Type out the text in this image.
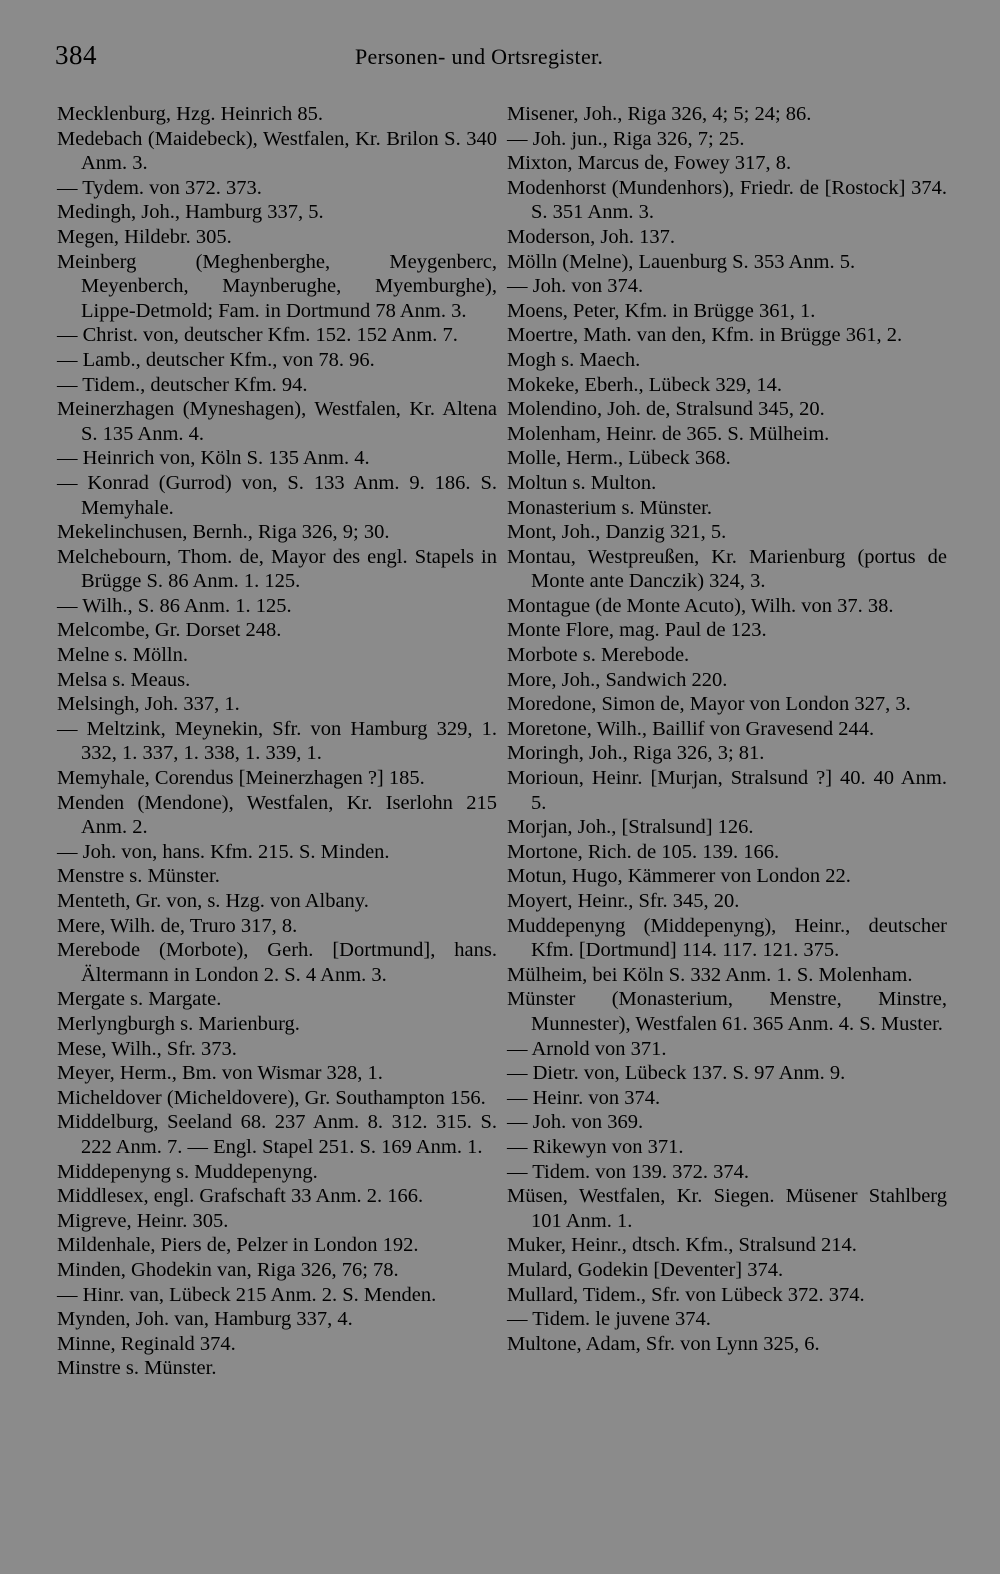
384	Personen- und Ortsregister.

Mecklenburg, Hzg. Heinrich 85.

Medebach (Maidebeck), Westfalen, Kr. Brilon S. 340 Anm. 3.

— Tydem. von 372. 373.

Medingh, Joh., Hamburg 337, 5.

Megen, Hildebr. 305.

Meinberg (Meghenberghe, Meygenberc, Meyenberch, Maynberughe, Myemburghe), Lippe-Detmold; Fam. in Dortmund 78 Anm. 3.

— Christ. von, deutscher Kfm. 152. 152 Anm. 7.

— Lamb., deutscher Kfm., von 78. 96.

— Tidem., deutscher Kfm. 94.

Meinerzhagen (Myneshagen), Westfalen, Kr. Altena S. 135 Anm. 4.

— Heinrich von, Köln S. 135 Anm. 4.

— Konrad (Gurrod) von, S. 133 Anm. 9. 186. S. Memyhale.

Mekelinchusen, Bernh., Riga 326, 9; 30.

Melchebourn, Thom. de, Mayor des engl. Stapels in Brügge S. 86 Anm. 1. 125.

— Wilh., S. 86 Anm. 1. 125.

Melcombe, Gr. Dorset 248.

Melne s. Mölln.

Melsa s. Meaus.

Melsingh, Joh. 337, 1.

— Meltzink, Meynekin, Sfr. von Hamburg 329, 1. 332, 1. 337, 1. 338, 1. 339, 1.

Memyhale, Corendus [Meinerzhagen ?] 185.

Menden (Mendone), Westfalen, Kr. Iserlohn 215 Anm. 2.

— Joh. von, hans. Kfm. 215. S. Minden.

Menstre s. Münster.

Menteth, Gr. von, s. Hzg. von Albany.

Mere, Wilh. de, Truro 317, 8.

Merebode (Morbote), Gerh. [Dortmund], hans. Ältermann in London 2. S. 4 Anm. 3.

Mergate s. Margate.

Merlyngburgh s. Marienburg.

Mese, Wilh., Sfr. 373.

Meyer, Herm., Bm. von Wismar 328, 1.

Micheldover (Micheldovere), Gr. Southampton 156.

Middelburg, Seeland 68. 237 Anm. 8. 312. 315. S. 222 Anm. 7. — Engl. Stapel 251. S. 169 Anm. 1.

Middepenyng s. Muddepenyng.

Middlesex, engl. Grafschaft 33 Anm. 2. 166.

Migreve, Heinr. 305.

Mildenhale, Piers de, Pelzer in London 192.

Minden, Ghodekin van, Riga 326, 76; 78.

— Hinr. van, Lübeck 215 Anm. 2. S. Menden.

Mynden, Joh. van, Hamburg 337, 4.

Minne, Reginald 374.

Minstre s. Münster.

Misener, Joh., Riga 326, 4; 5; 24; 86.

— Joh. jun., Riga 326, 7; 25.

Mixton, Marcus de, Fowey 317, 8.

Modenhorst (Mundenhors), Friedr. de [Rostock] 374. S. 351 Anm. 3.

Moderson, Joh. 137.

Mölln (Melne), Lauenburg S. 353 Anm. 5.

— Joh. von 374.

Moens, Peter, Kfm. in Brügge 361, 1.

Moertre, Math. van den, Kfm. in Brügge 361, 2.

Mogh s. Maech.

Mokeke, Eberh., Lübeck 329, 14.

Molendino, Joh. de, Stralsund 345, 20.

Molenham, Heinr. de 365. S. Mülheim.

Molle, Herm., Lübeck 368.

Moltun s. Multon.

Monasterium s. Münster.

Mont, Joh., Danzig 321, 5.

Montau, Westpreußen, Kr. Marienburg (portus de Monte ante Danczik) 324, 3.

Montague (de Monte Acuto), Wilh. von 37. 38.

Monte Flore, mag. Paul de 123.

Morbote s. Merebode.

More, Joh., Sandwich 220.

Moredone, Simon de, Mayor von London 327, 3.

Moretone, Wilh., Baillif von Gravesend 244.

Moringh, Joh., Riga 326, 3; 81.

Morioun, Heinr. [Murjan, Stralsund ?] 40. 40 Anm. 5.

Morjan, Joh., [Stralsund] 126.

Mortone, Rich. de 105. 139. 166.

Motun, Hugo, Kämmerer von London 22.

Moyert, Heinr., Sfr. 345, 20.

Muddepenyng (Middepenyng), Heinr., deutscher Kfm. [Dortmund] 114. 117. 121. 375.

Mülheim, bei Köln S. 332 Anm. 1. S. Molenham.

Münster (Monasterium, Menstre, Minstre, Munnester), Westfalen 61. 365 Anm. 4. S. Muster.

— Arnold von 371.

— Dietr. von, Lübeck 137. S. 97 Anm. 9.

— Heinr. von 374.

— Joh. von 369.

— Rikewyn von 371.

— Tidem. von 139. 372. 374.

Müsen, Westfalen, Kr. Siegen. Müsener Stahlberg 101 Anm. 1.

Muker, Heinr., dtsch. Kfm., Stralsund 214.

Mulard, Godekin [Deventer] 374.

Mullard, Tidem., Sfr. von Lübeck 372. 374.

— Tidem. le juvene 374.

Multone, Adam, Sfr. von Lynn 325, 6.
